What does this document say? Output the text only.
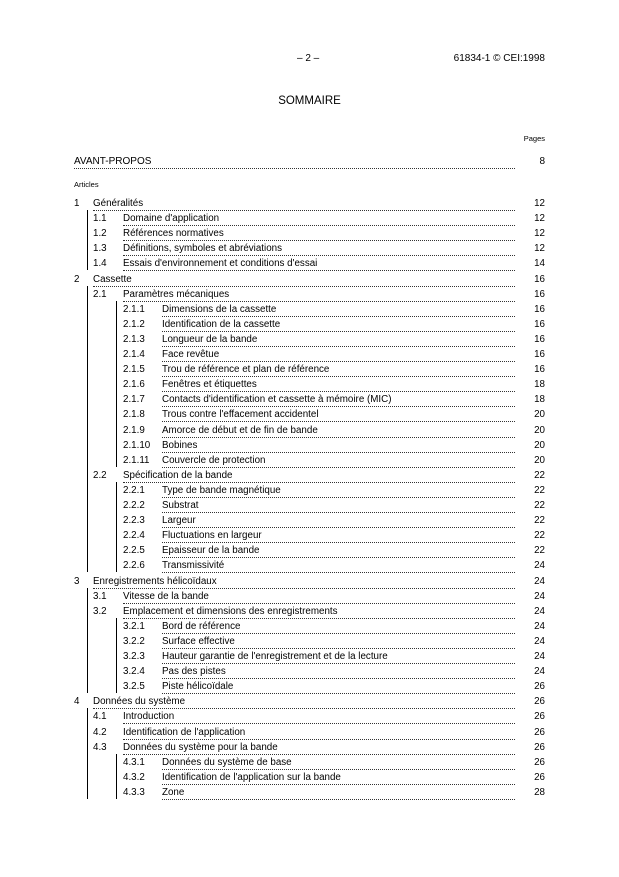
– 2 –	61834-1 © CEI:1998
SOMMAIRE
Pages
AVANT-PROPOS	8
Articles
1 Généralités	12
1.1 Domaine d'application	12
1.2 Références normatives	12
1.3 Définitions, symboles et abréviations	12
1.4 Essais d'environnement et conditions d'essai	14
2 Cassette	16
2.1 Paramètres mécaniques	16
2.1.1 Dimensions de la cassette	16
2.1.2 Identification de la cassette	16
2.1.3 Longueur de la bande	16
2.1.4 Face revêtue	16
2.1.5 Trou de référence et plan de référence	16
2.1.6 Fenêtres et étiquettes	18
2.1.7 Contacts d'identification et cassette à mémoire (MIC)	18
2.1.8 Trous contre l'effacement accidentel	20
2.1.9 Amorce de début et de fin de bande	20
2.1.10 Bobines	20
2.1.11 Couvercle de protection	20
2.2 Spécification de la bande	22
2.2.1 Type de bande magnétique	22
2.2.2 Substrat	22
2.2.3 Largeur	22
2.2.4 Fluctuations en largeur	22
2.2.5 Epaisseur de la bande	22
2.2.6 Transmissivité	24
3 Enregistrements hélicoïdaux	24
3.1 Vitesse de la bande	24
3.2 Emplacement et dimensions des enregistrements	24
3.2.1 Bord de référence	24
3.2.2 Surface effective	24
3.2.3 Hauteur garantie de l'enregistrement et de la lecture	24
3.2.4 Pas des pistes	24
3.2.5 Piste hélicoïdale	26
4 Données du système	26
4.1 Introduction	26
4.2 Identification de l'application	26
4.3 Données du système pour la bande	26
4.3.1 Données du système de base	26
4.3.2 Identification de l'application sur la bande	26
4.3.3 Zone	28
